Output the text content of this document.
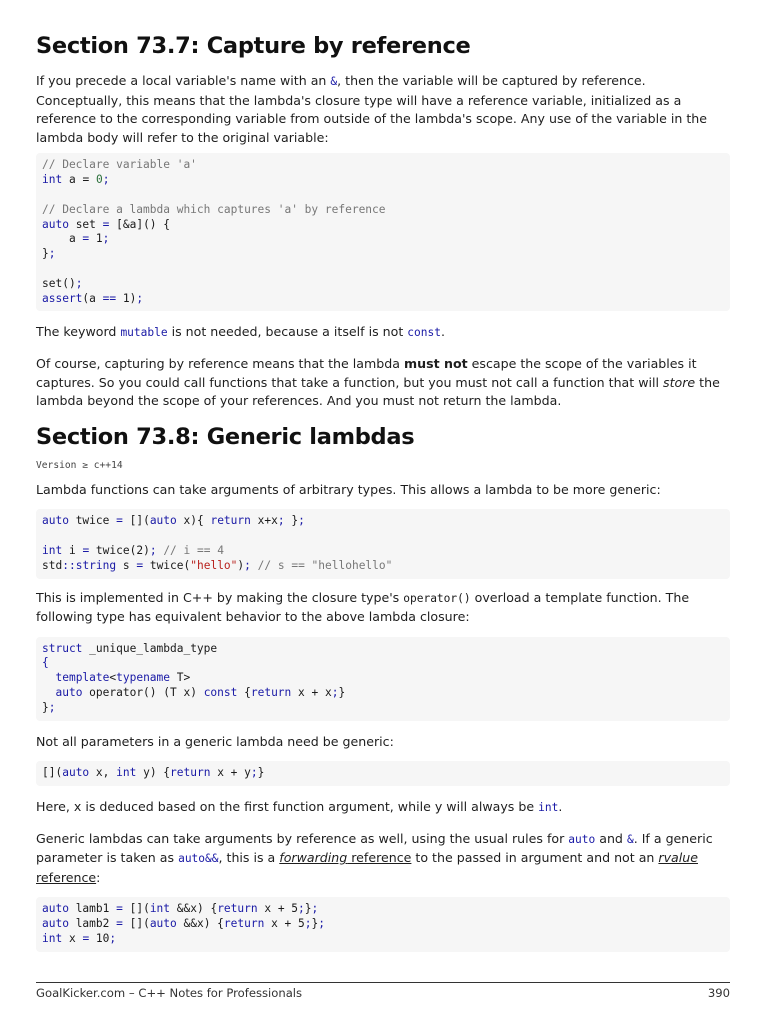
Section 73.7: Capture by reference

If you precede a local variable's name with an &, then the variable will be captured by reference. Conceptually, this means that the lambda's closure type will have a reference variable, initialized as a reference to the corresponding variable from outside of the lambda's scope. Any use of the variable in the lambda body will refer to the original variable:

// Declare variable 'a'
int a = 0;

// Declare a lambda which captures 'a' by reference
auto set = [&a]() {
a = 1;
};

set();
assert(a == 1);

The keyword mutable is not needed, because a itself is not const.

Of course, capturing by reference means that the lambda must not escape the scope of the variables it captures. So you could call functions that take a function, but you must not call a function that will store the lambda beyond the scope of your references. And you must not return the lambda.

Section 73.8: Generic lambdas
Version ≥ c++14

Lambda functions can take arguments of arbitrary types. This allows a lambda to be more generic:

auto twice = [](auto x){ return x+x; };

int i = twice(2); // i == 4
std::string s = twice("hello"); // s == "hellohello"

This is implemented in C++ by making the closure type's operator() overload a template function. The following type has equivalent behavior to the above lambda closure:

struct _unique_lambda_type
{
template<typename T>
auto operator() (T x) const {return x + x;}
};

Not all parameters in a generic lambda need be generic:

[](auto x, int y) {return x + y;}

Here, x is deduced based on the first function argument, while y will always be int.

Generic lambdas can take arguments by reference as well, using the usual rules for auto and &. If a generic parameter is taken as auto&&, this is a forwarding reference to the passed in argument and not an rvalue reference:

auto lamb1 = [](int &&x) {return x + 5;};
auto lamb2 = [](auto &&x) {return x + 5;};
int x = 10;
GoalKicker.com – C++ Notes for Professionals	390
